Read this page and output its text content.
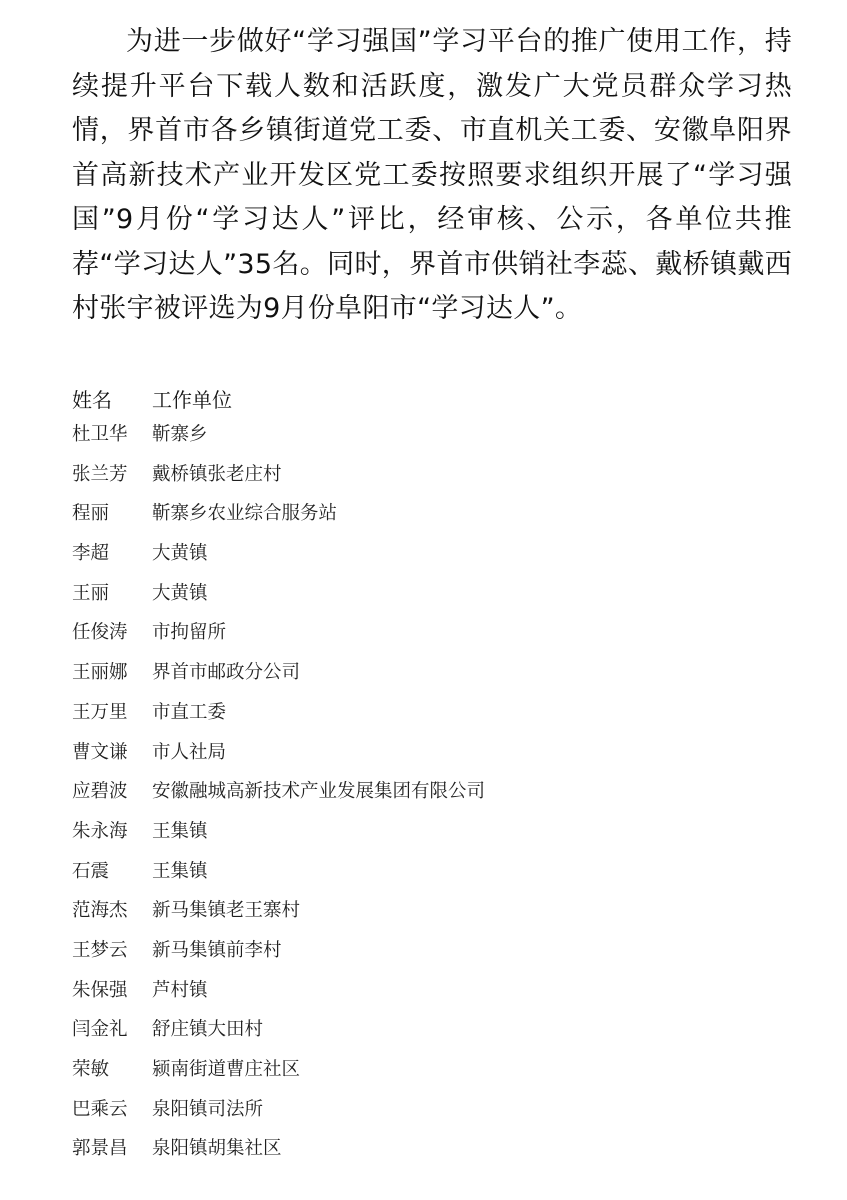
为进一步做好“学习强国”学习平台的推广使用工作，持续提升平台下载人数和活跃度，激发广大党员群众学习热情，界首市各乡镇街道党工委、市直机关工委、安徽阜阳界首高新技术产业开发区党工委按照要求组织开展了“学习强国”9月份“学习达人”评比，经审核、公示，各单位共推荐“学习达人”35名。同时，界首市供销社李蕊、戴桥镇戴西村张宇被评选为9月份阜阳市“学习达人”。

姓名 工作单位
杜卫华 靳寨乡
张兰芳 戴桥镇张老庄村
程丽 靳寨乡农业综合服务站
李超 大黄镇
王丽 大黄镇
任俊涛 市拘留所
王丽娜 界首市邮政分公司
王万里 市直工委
曹文谦 市人社局
应碧波 安徽融城高新技术产业发展集团有限公司
朱永海 王集镇
石震 王集镇
范海杰 新马集镇老王寨村
王梦云 新马集镇前李村
朱保强 芦村镇
闫金礼 舒庄镇大田村
荣敏 颍南街道曹庄社区
巴乘云 泉阳镇司法所
郭景昌 泉阳镇胡集社区
